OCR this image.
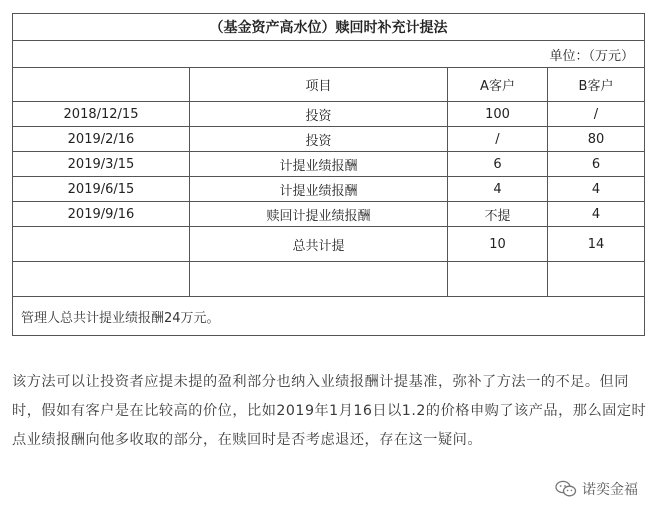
（基金资产高水位）赎回时补充计提法			
单位：（万元）			
	项目	A客户	B客户
2018/12/15	投资	100	/
2019/2/16	投资	/	80
2019/3/15	计提业绩报酬	6	6
2019/6/15	计提业绩报酬	4	4
2019/9/16	赎回计提业绩报酬	不提	4
	总共计提	10	14

管理人总共计提业绩报酬24万元。			

该方法可以让投资者应提未提的盈利部分也纳入业绩报酬计提基准，弥补了方法一的不足。但同时，假如有客户是在比较高的价位，比如2019年1月16日以1.2的价格申购了该产品，那么固定时点业绩报酬向他多收取的部分，在赎回时是否考虑退还，存在这一疑问。

诺奕金福
